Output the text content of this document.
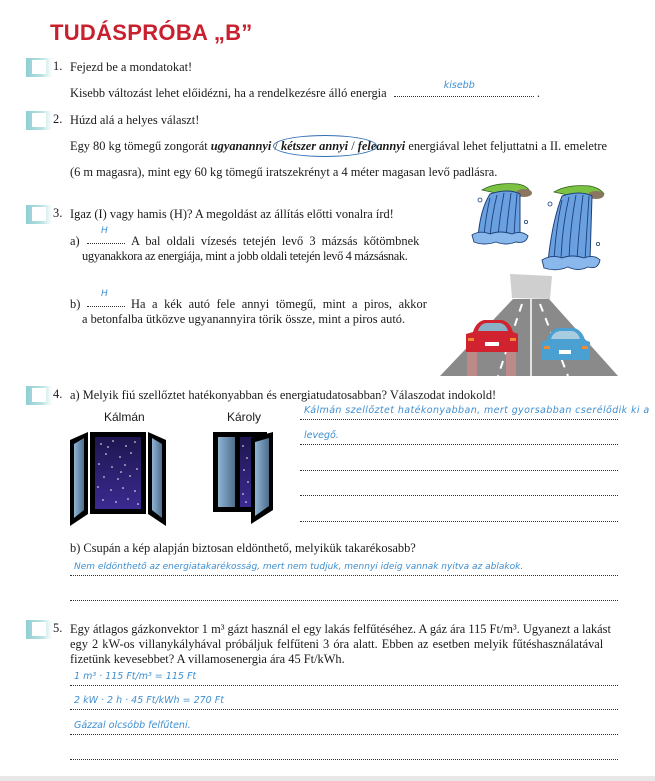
TUDÁSPRÓBA „B”
1. Fejezd be a mondatokat!
Kisebb változást lehet előidézni, ha a rendelkezésre álló energia
kisebb
.
2. Húzd alá a helyes választ!
Egy 80 kg tömegű zongorát ugyanannyi /
kétszer annyi / feleannyi energiával lehet feljuttatni a II. emeletre
(6 m magasra), mint egy 60 kg tömegű iratszekrényt a 4 méter magasan levő padlásra.
3. Igaz (I) vagy hamis (H)? A megoldást az állítás előtti vonalra írd!
a)
H
A bal oldali vízesés tetején levő 3 mázsás kőtömbnek
ugyanakkora az energiája, mint a jobb oldali tetején levő 4 mázsásnak.
b)
H
Ha a kék autó fele annyi tömegű, mint a piros, akkor
a betonfalba ütközve ugyanannyira törik össze, mint a piros autó.
4. a) Melyik fiú szellőztet hatékonyabban és energiatudatosabban? Válaszodat indokold!
Kálmán	Károly	Kálmán szellőztet hatékonyabban, mert gyorsabban cserélődik ki a
levegő.
b) Csupán a kép alapján biztosan eldönthető, melyikük takarékosabb?
Nem eldönthető az energiatakarékosság, mert nem tudjuk, mennyi ideig vannak nyitva az ablakok.
5. Egy átlagos gázkonvektor 1 m³ gázt használ el egy lakás felfűtéséhez. A gáz ára 115 Ft/m³. Ugyanezt a lakást
egy 2 kW-os villanykályhával próbáljuk felfűteni 3 óra alatt. Ebben az esetben melyik fűtéshasználatával
fizetünk kevesebbet? A villamosenergia ára 45 Ft/kWh.
1 m³ · 115 Ft/m³ = 115 Ft
2 kW · 2 h · 45 Ft/kWh = 270 Ft
Gázzal olcsóbb felfűteni.
